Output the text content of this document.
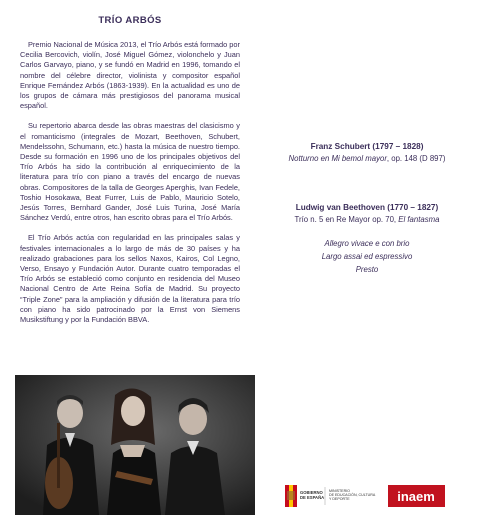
TRÍO ARBÓS

Premio Nacional de Música 2013, el Trío Arbós está formado por Cecilia Bercovich, violín, José Miguel Gómez, violonchelo y Juan Carlos Garvayo, piano, y se fundó en Madrid en 1996, tomando el nombre del célebre director, violinista y compositor español Enrique Fernández Arbós (1863-1939). En la actualidad es uno de los grupos de cámara más prestigiosos del panorama musical español.

Su repertorio abarca desde las obras maestras del clasicismo y el romanticismo (integrales de Mozart, Beethoven, Schubert, Mendelssohn, Schumann, etc.) hasta la música de nuestro tiempo. Desde su formación en 1996 uno de los principales objetivos del Trío Arbós ha sido la contribución al enriquecimiento de la literatura para trío con piano a través del encargo de nuevas obras. Compositores de la talla de Georges Aperghis, Ivan Fedele, Toshio Hosokawa, Beat Furrer, Luis de Pablo, Mauricio Sotelo, Jesús Torres, Bernhard Gander, José Luis Turina, José María Sánchez Verdú, entre otros, han escrito obras para el Trío Arbós.

El Trío Arbós actúa con regularidad en las principales salas y festivales internacionales a lo largo de más de 30 países y ha realizado grabaciones para los sellos Naxos, Kairos, Col Legno, Verso, Ensayo y Fundación Autor. Durante cuatro temporadas el Trío Arbós se estableció como conjunto en residencia del Museo Nacional Centro de Arte Reina Sofía de Madrid. Su proyecto “Triple Zone” para la ampliación y difusión de la literatura para trío con piano ha sido patrocinado por la Ernst von Siemens Musikstiftung y por la Fundación BBVA.

Franz Schubert (1797 – 1828)

Notturno en Mi bemol mayor, op. 148 (D 897)

Ludwig van Beethoven (1770 – 1827)

Trío n. 5 en Re Mayor op. 70, El fantasma

Allegro vivace e con brio

Largo assai ed espressivo

Presto

GOBIERNO
DE ESPAÑA
MINISTERIO
DE EDUCACIÓN, CULTURA
Y DEPORTE	inaem
